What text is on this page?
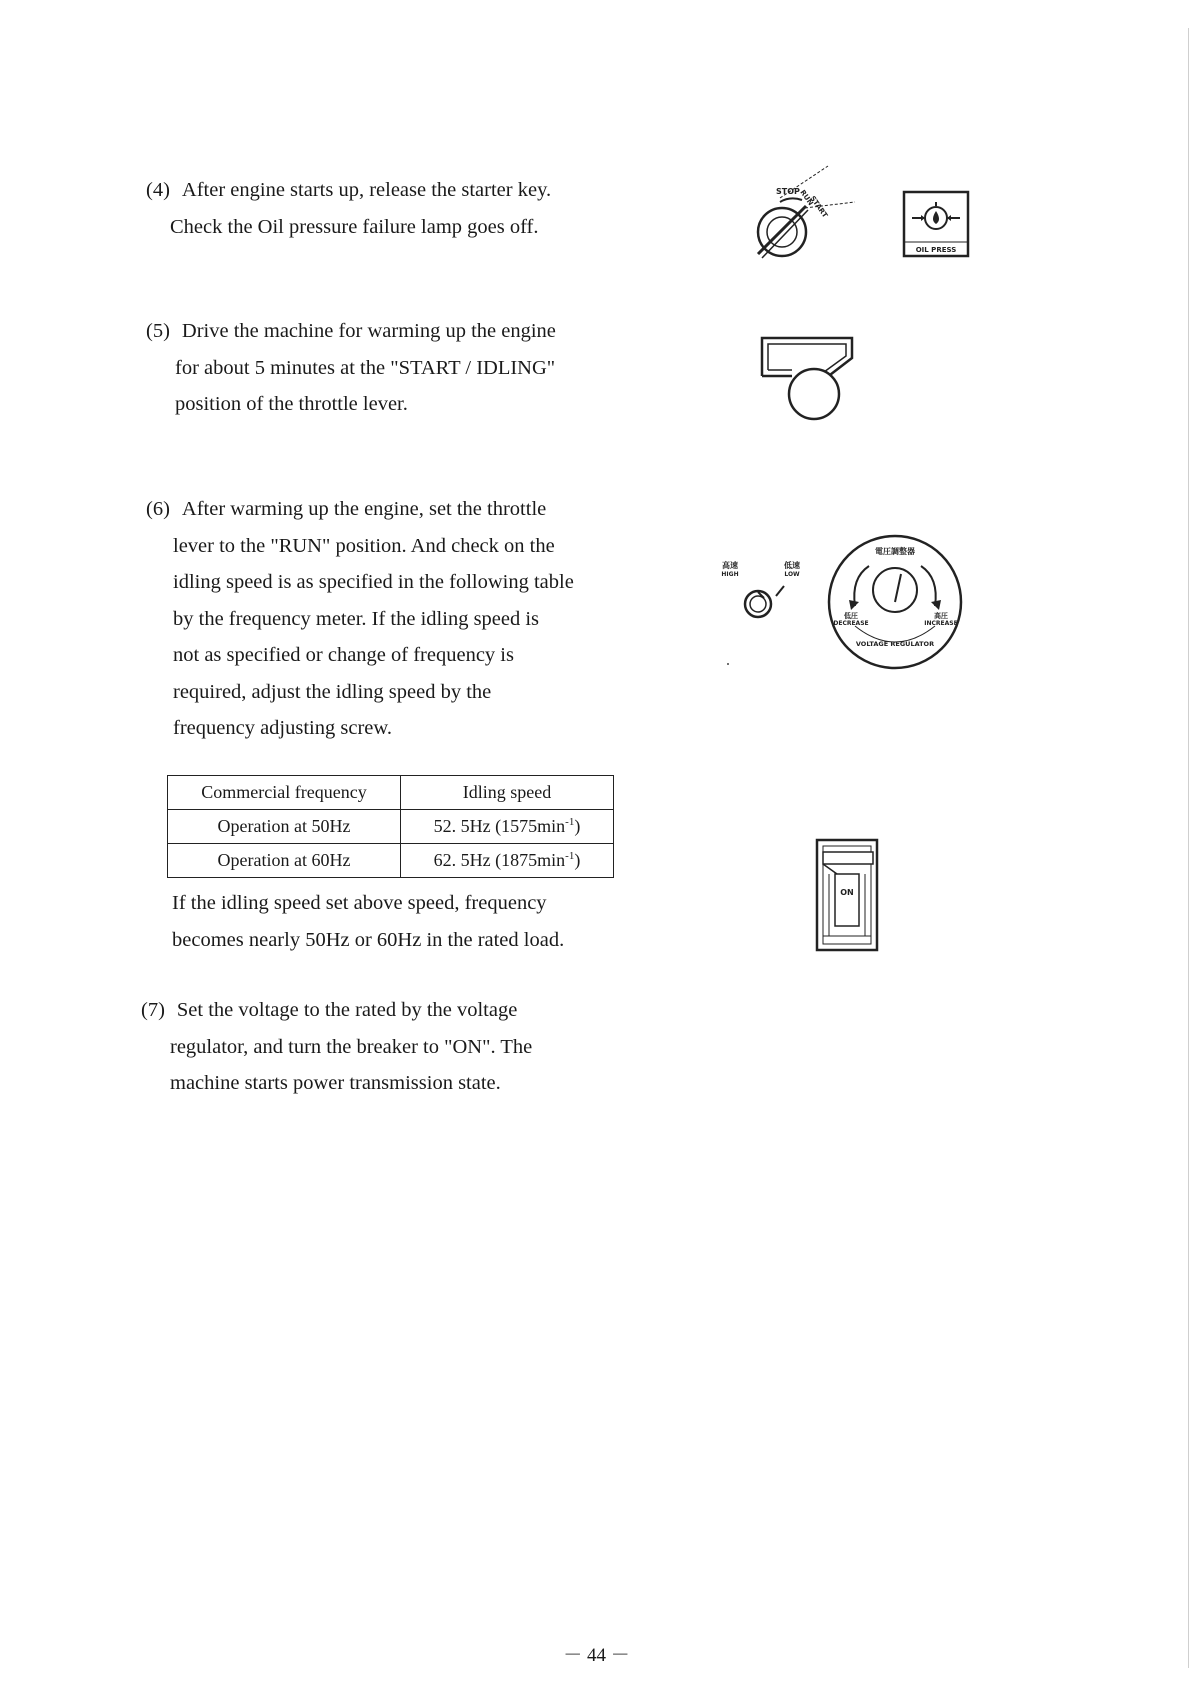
(4) After engine starts up, release the starter key.
Check the Oil pressure failure lamp goes off.
(5) Drive the machine for warming up the engine
for about 5 minutes at the "START / IDLING"
position of the throttle lever.
(6) After warming up the engine, set the throttle
lever to the "RUN" position. And check on the
idling speed is as specified in the following table
by the frequency meter. If the idling speed is
not as specified or change of frequency is
required, adjust the idling speed by the
frequency adjusting screw.
Commercial frequency	Idling speed
Operation at 50Hz	52. 5Hz $(1575\min^{-1})$
Operation at 60Hz	62. 5Hz $(1875\min^{-1})$
If the idling speed set above speed, frequency
becomes nearly 50Hz or 60Hz in the rated load.
(7) Set the voltage to the rated by the voltage
regulator, and turn the breaker to "ON". The
machine starts power transmission state.
STOP
RUN
START
OIL PRESS
高速
HIGH
低速
LOW
電圧調整器
低圧
DECREASE
高圧
INCREASE
VOLTAGE REGULATOR
ON
－ 44 －
